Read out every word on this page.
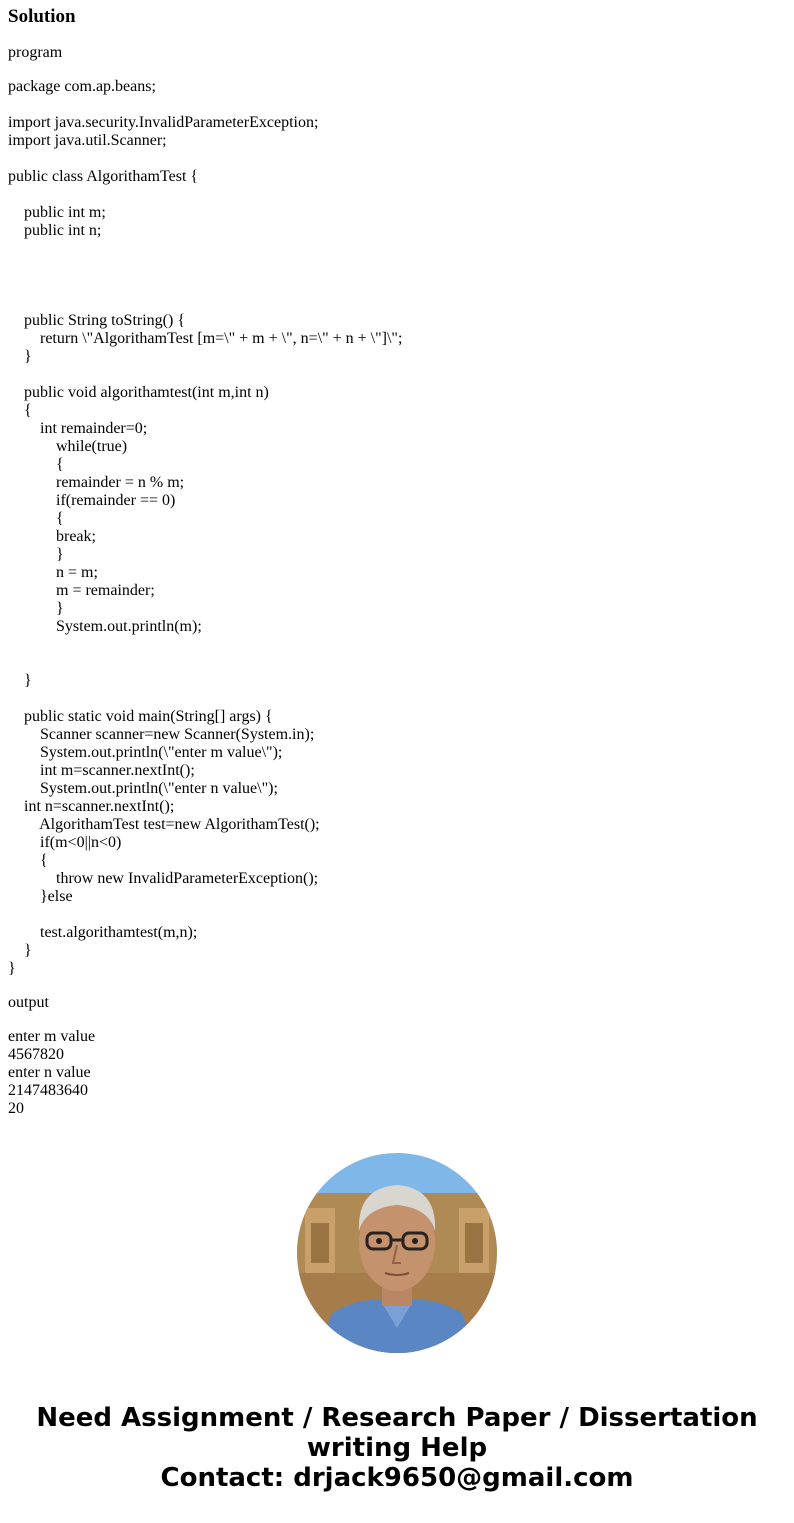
Solution

program

package com.ap.beans;

import java.security.InvalidParameterException;
import java.util.Scanner;

public class AlgorithamTest {

public int m;
public int n;

public String toString() {
return \"AlgorithamTest [m=\" + m + \", n=\" + n + \"]\";
}

public void algorithamtest(int m,int n)
{
int remainder=0;
while(true)
{
remainder = n % m;
if(remainder == 0)
{
break;
}
n = m;
m = remainder;
}
System.out.println(m);

}

public static void main(String[] args) {
Scanner scanner=new Scanner(System.in);
System.out.println(\"enter m value\");
int m=scanner.nextInt();
System.out.println(\"enter n value\");
int n=scanner.nextInt();
AlgorithamTest test=new AlgorithamTest();
if(m<0||n<0)
{
throw new InvalidParameterException();
}else

test.algorithamtest(m,n);
}
}

output

enter m value
4567820
enter n value
2147483640
20

Need Assignment / Research Paper / Dissertation
writing Help
Contact: drjack9650@gmail.com
